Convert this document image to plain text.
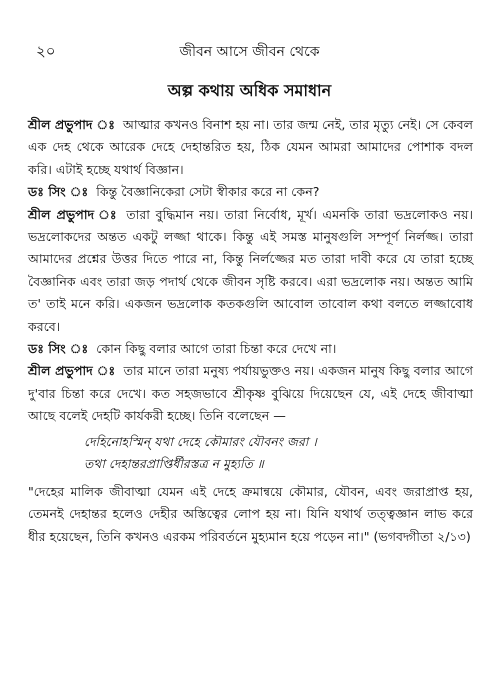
২০	জীবন আসে জীবন থেকে
অল্প কথায় অধিক সমাধান

শ্রীল প্রভুপাদ ঃ আত্মার কখনও বিনাশ হয় না। তার জন্ম নেই, তার মৃত্যু নেই। সে কেবল এক দেহ থেকে আরেক দেহে দেহান্তরিত হয়, ঠিক যেমন আমরা আমাদের পোশাক বদল করি। এটাই হচ্ছে যথার্থ বিজ্ঞান।

ডঃ সিং ঃ কিন্তু বৈজ্ঞানিকেরা সেটা স্বীকার করে না কেন?

শ্রীল প্রভুপাদ ঃ তারা বুদ্ধিমান নয়। তারা নির্বোধ, মূর্খ। এমনকি তারা ভদ্রলোকও নয়। ভদ্রলোকদের অন্তত একটু লজ্জা থাকে। কিন্তু এই সমস্ত মানুষগুলি সম্পূর্ণ নির্লজ্জ। তারা আমাদের প্রশ্নের উত্তর দিতে পারে না, কিন্তু নির্লজ্জের মত তারা দাবী করে যে তারা হচ্ছে বৈজ্ঞানিক এবং তারা জড় পদার্থ থেকে জীবন সৃষ্টি করবে। এরা ভদ্রলোক নয়। অন্তত আমি ত' তাই মনে করি। একজন ভদ্রলোক কতকগুলি আবোল তাবোল কথা বলতে লজ্জাবোধ করবে।

ডঃ সিং ঃ কোন কিছু বলার আগে তারা চিন্তা করে দেখে না।

শ্রীল প্রভুপাদ ঃ তার মানে তারা মনুষ্য পর্যায়ভুক্তও নয়। একজন মানুষ কিছু বলার আগে দু'বার চিন্তা করে দেখে। কত সহজভাবে শ্রীকৃষ্ণ বুঝিয়ে দিয়েছেন যে, এই দেহে জীবাত্মা আছে বলেই দেহটি কার্যকরী হচ্ছে। তিনি বলেছেন —

দেহিনোহস্মিন্ যথা দেহে কৌমারং যৌবনং জরা ।

তথা দেহান্তরপ্রাপ্তির্ধীরস্তত্র ন মুহ্যতি ॥

"দেহের মালিক জীবাত্মা যেমন এই দেহে ক্রমান্বয়ে কৌমার, যৌবন, এবং জরাপ্রাপ্ত হয়, তেমনই দেহান্তর হলেও দেহীর অস্তিত্বের লোপ হয় না। যিনি যথার্থ তত্ত্বজ্ঞান লাভ করে ধীর হয়েছেন, তিনি কখনও এরকম পরিবর্তনে মুহ্যমান হয়ে পড়েন না।" (ভগবদ্গীতা ২/১৩)
